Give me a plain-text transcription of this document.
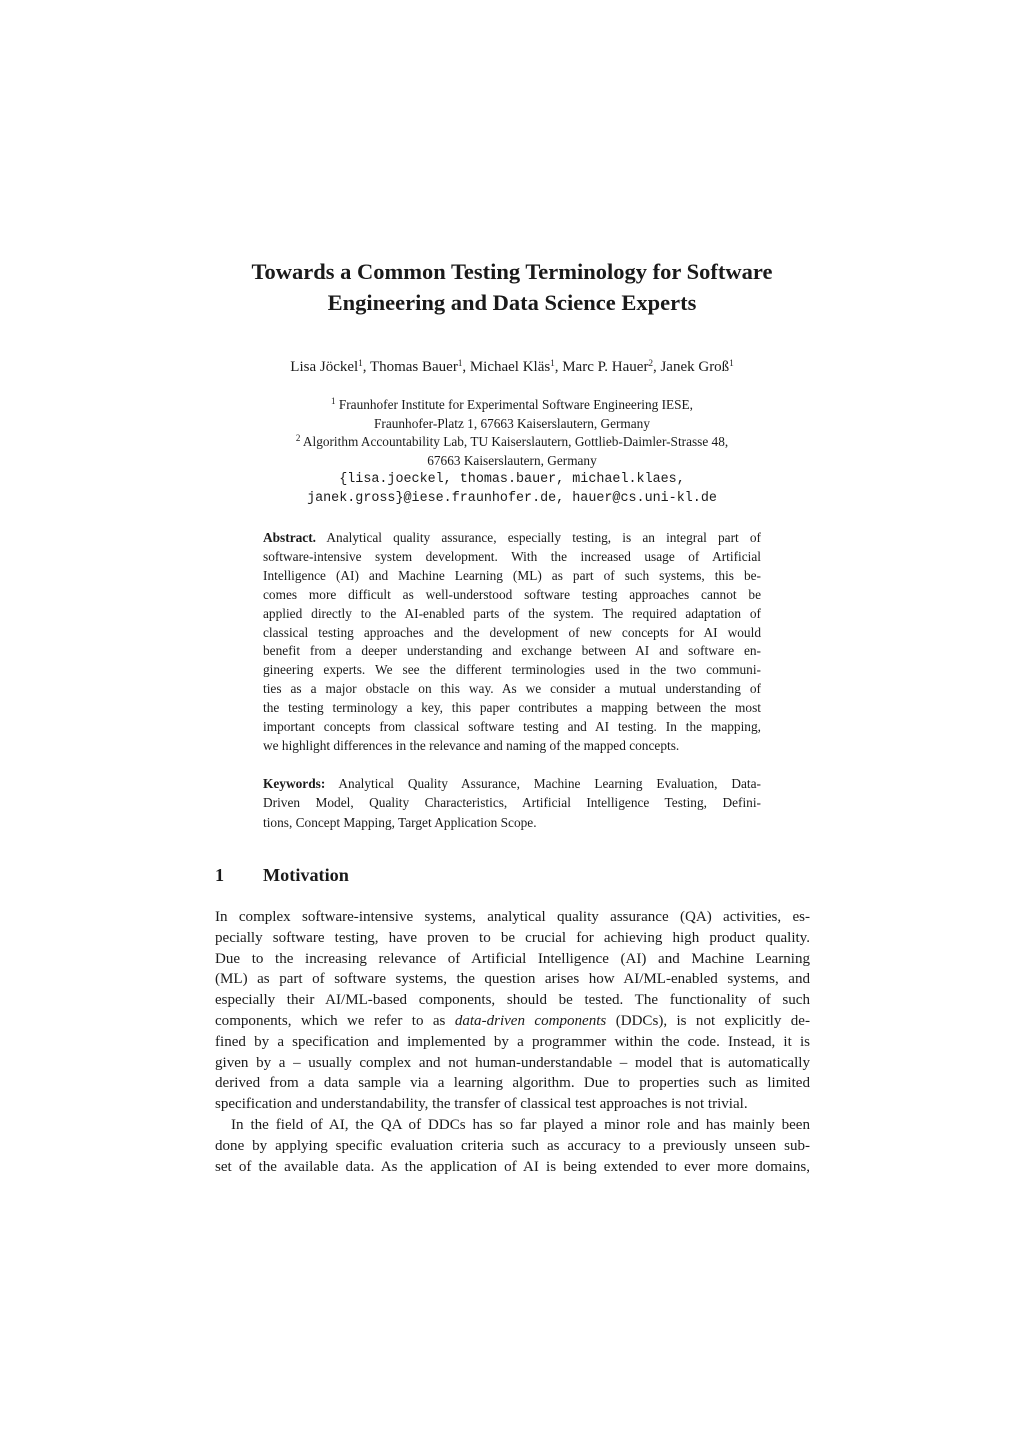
Towards a Common Testing Terminology for Software
Engineering and Data Science Experts
Lisa Jöckel$^1$, Thomas Bauer$^1$, Michael Kläs$^1$, Marc P. Hauer$^2$, Janek Groß$^1$
$^1$ Fraunhofer Institute for Experimental Software Engineering IESE,
Fraunhofer-Platz 1, 67663 Kaiserslautern, Germany
$^2$ Algorithm Accountability Lab, TU Kaiserslautern, Gottlieb-Daimler-Strasse 48,
67663 Kaiserslautern, Germany
{lisa.joeckel, thomas.bauer, michael.klaes,
janek.gross}@iese.fraunhofer.de, hauer@cs.uni-kl.de
Abstract. Analytical quality assurance, especially testing, is an integral part of
software-intensive system development. With the increased usage of Artificial
Intelligence (AI) and Machine Learning (ML) as part of such systems, this be-
comes more difficult as well-understood software testing approaches cannot be
applied directly to the AI-enabled parts of the system. The required adaptation of
classical testing approaches and the development of new concepts for AI would
benefit from a deeper understanding and exchange between AI and software en-
gineering experts. We see the different terminologies used in the two communi-
ties as a major obstacle on this way. As we consider a mutual understanding of
the testing terminology a key, this paper contributes a mapping between the most
important concepts from classical software testing and AI testing. In the mapping,
we highlight differences in the relevance and naming of the mapped concepts.
Keywords: Analytical Quality Assurance, Machine Learning Evaluation, Data-
Driven Model, Quality Characteristics, Artificial Intelligence Testing, Defini-
tions, Concept Mapping, Target Application Scope.
1 Motivation
In complex software-intensive systems, analytical quality assurance (QA) activities, es-
pecially software testing, have proven to be crucial for achieving high product quality.
Due to the increasing relevance of Artificial Intelligence (AI) and Machine Learning
(ML) as part of software systems, the question arises how AI/ML-enabled systems, and
especially their AI/ML-based components, should be tested. The functionality of such
components, which we refer to as data-driven components (DDCs), is not explicitly de-
fined by a specification and implemented by a programmer within the code. Instead, it is
given by a – usually complex and not human-understandable – model that is automatically
derived from a data sample via a learning algorithm. Due to properties such as limited
specification and understandability, the transfer of classical test approaches is not trivial.
In the field of AI, the QA of DDCs has so far played a minor role and has mainly been
done by applying specific evaluation criteria such as accuracy to a previously unseen sub-
set of the available data. As the application of AI is being extended to ever more domains,
